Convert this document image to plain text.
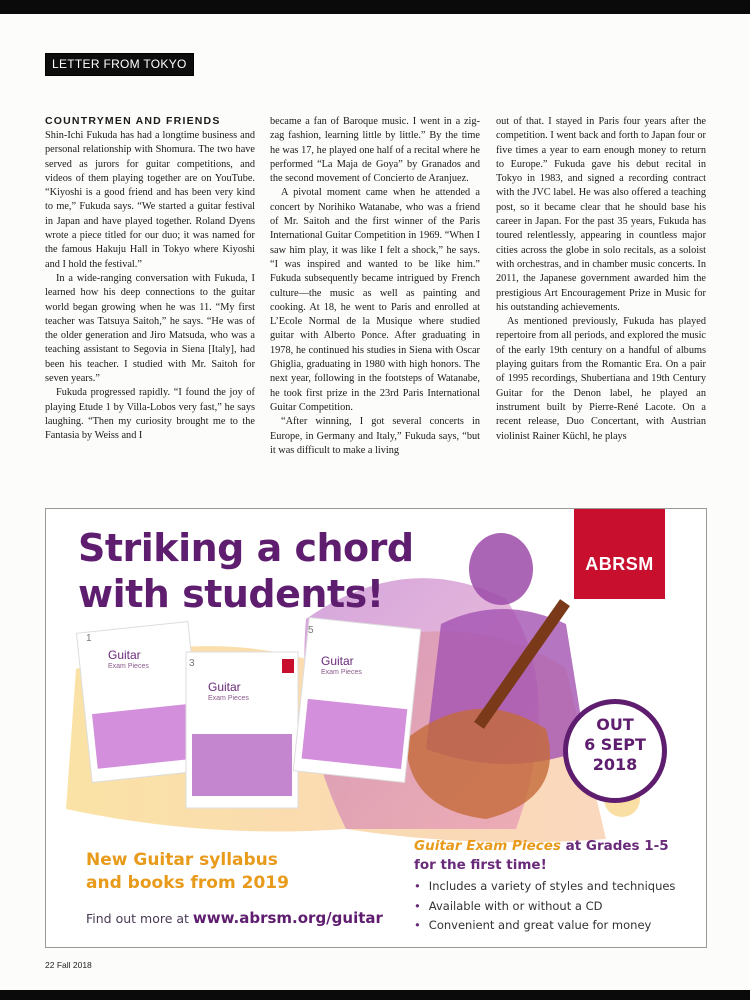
LETTER FROM TOKYO
COUNTRYMEN AND FRIENDS

Shin-Ichi Fukuda has had a longtime business and personal relationship with Shomura. The two have served as jurors for guitar competitions, and videos of them playing together are on YouTube. “Kiyoshi is a good friend and has been very kind to me,” Fukuda says. “We started a guitar festival in Japan and have played together. Roland Dyens wrote a piece titled for our duo; it was named for the famous Hakuju Hall in Tokyo where Kiyoshi and I hold the festival.”

In a wide-ranging conversation with Fukuda, I learned how his deep connections to the guitar world began growing when he was 11. “My first teacher was Tatsuya Saitoh,” he says. “He was of the older generation and Jiro Matsuda, who was a teaching assistant to Segovia in Siena [Italy], had been his teacher. I studied with Mr. Saitoh for seven years.”

Fukuda progressed rapidly. “I found the joy of playing Etude 1 by Villa-Lobos very fast,” he says laughing. “Then my curiosity brought me to the Fantasia by Weiss and I

became a fan of Baroque music. I went in a zig-zag fashion, learning little by little.” By the time he was 17, he played one half of a recital where he performed “La Maja de Goya” by Granados and the second movement of Concierto de Aranjuez.

A pivotal moment came when he attended a concert by Norihiko Watanabe, who was a friend of Mr. Saitoh and the first winner of the Paris International Guitar Competition in 1969. “When I saw him play, it was like I felt a shock,” he says. “I was inspired and wanted to be like him.” Fukuda subsequently became intrigued by French culture—the music as well as painting and cooking. At 18, he went to Paris and enrolled at L’Ecole Normal de la Musique where studied guitar with Alberto Ponce. After graduating in 1978, he continued his studies in Siena with Oscar Ghiglia, graduating in 1980 with high honors. The next year, following in the footsteps of Watanabe, he took first prize in the 23rd Paris International Guitar Competition.

“After winning, I got several concerts in Europe, in Germany and Italy,” Fukuda says, “but it was difficult to make a living

out of that. I stayed in Paris four years after the competition. I went back and forth to Japan four or five times a year to earn enough money to return to Europe.” Fukuda gave his debut recital in Tokyo in 1983, and signed a recording contract with the JVC label. He was also offered a teaching post, so it became clear that he should base his career in Japan. For the past 35 years, Fukuda has toured relentlessly, appearing in countless major cities across the globe in solo recitals, as a soloist with orchestras, and in chamber music concerts. In 2011, the Japanese government awarded him the prestigious Art Encouragement Prize in Music for his outstanding achievements.

As mentioned previously, Fukuda has played repertoire from all periods, and explored the music of the early 19th century on a handful of albums playing guitars from the Romantic Era. On a pair of 1995 recordings, Shubertiana and 19th Century Guitar for the Denon label, he played an instrument built by Pierre-René Lacote. On a recent release, Duo Concertant, with Austrian violinist Rainer Küchl, he plays

Striking a chord
with students!
ABRSM
OUT
6 SEPT
2018
1
Guitar
Exam Pieces	3
Guitar
Exam Pieces
5
Guitar
Exam Pieces
New Guitar syllabus
and books from 2019
Find out more at www.abrsm.org/guitar
Guitar Exam Pieces at Grades 1-5
for the first time!
• Includes a variety of styles and techniques
• Available with or without a CD
• Convenient and great value for money
22 Fall 2018
